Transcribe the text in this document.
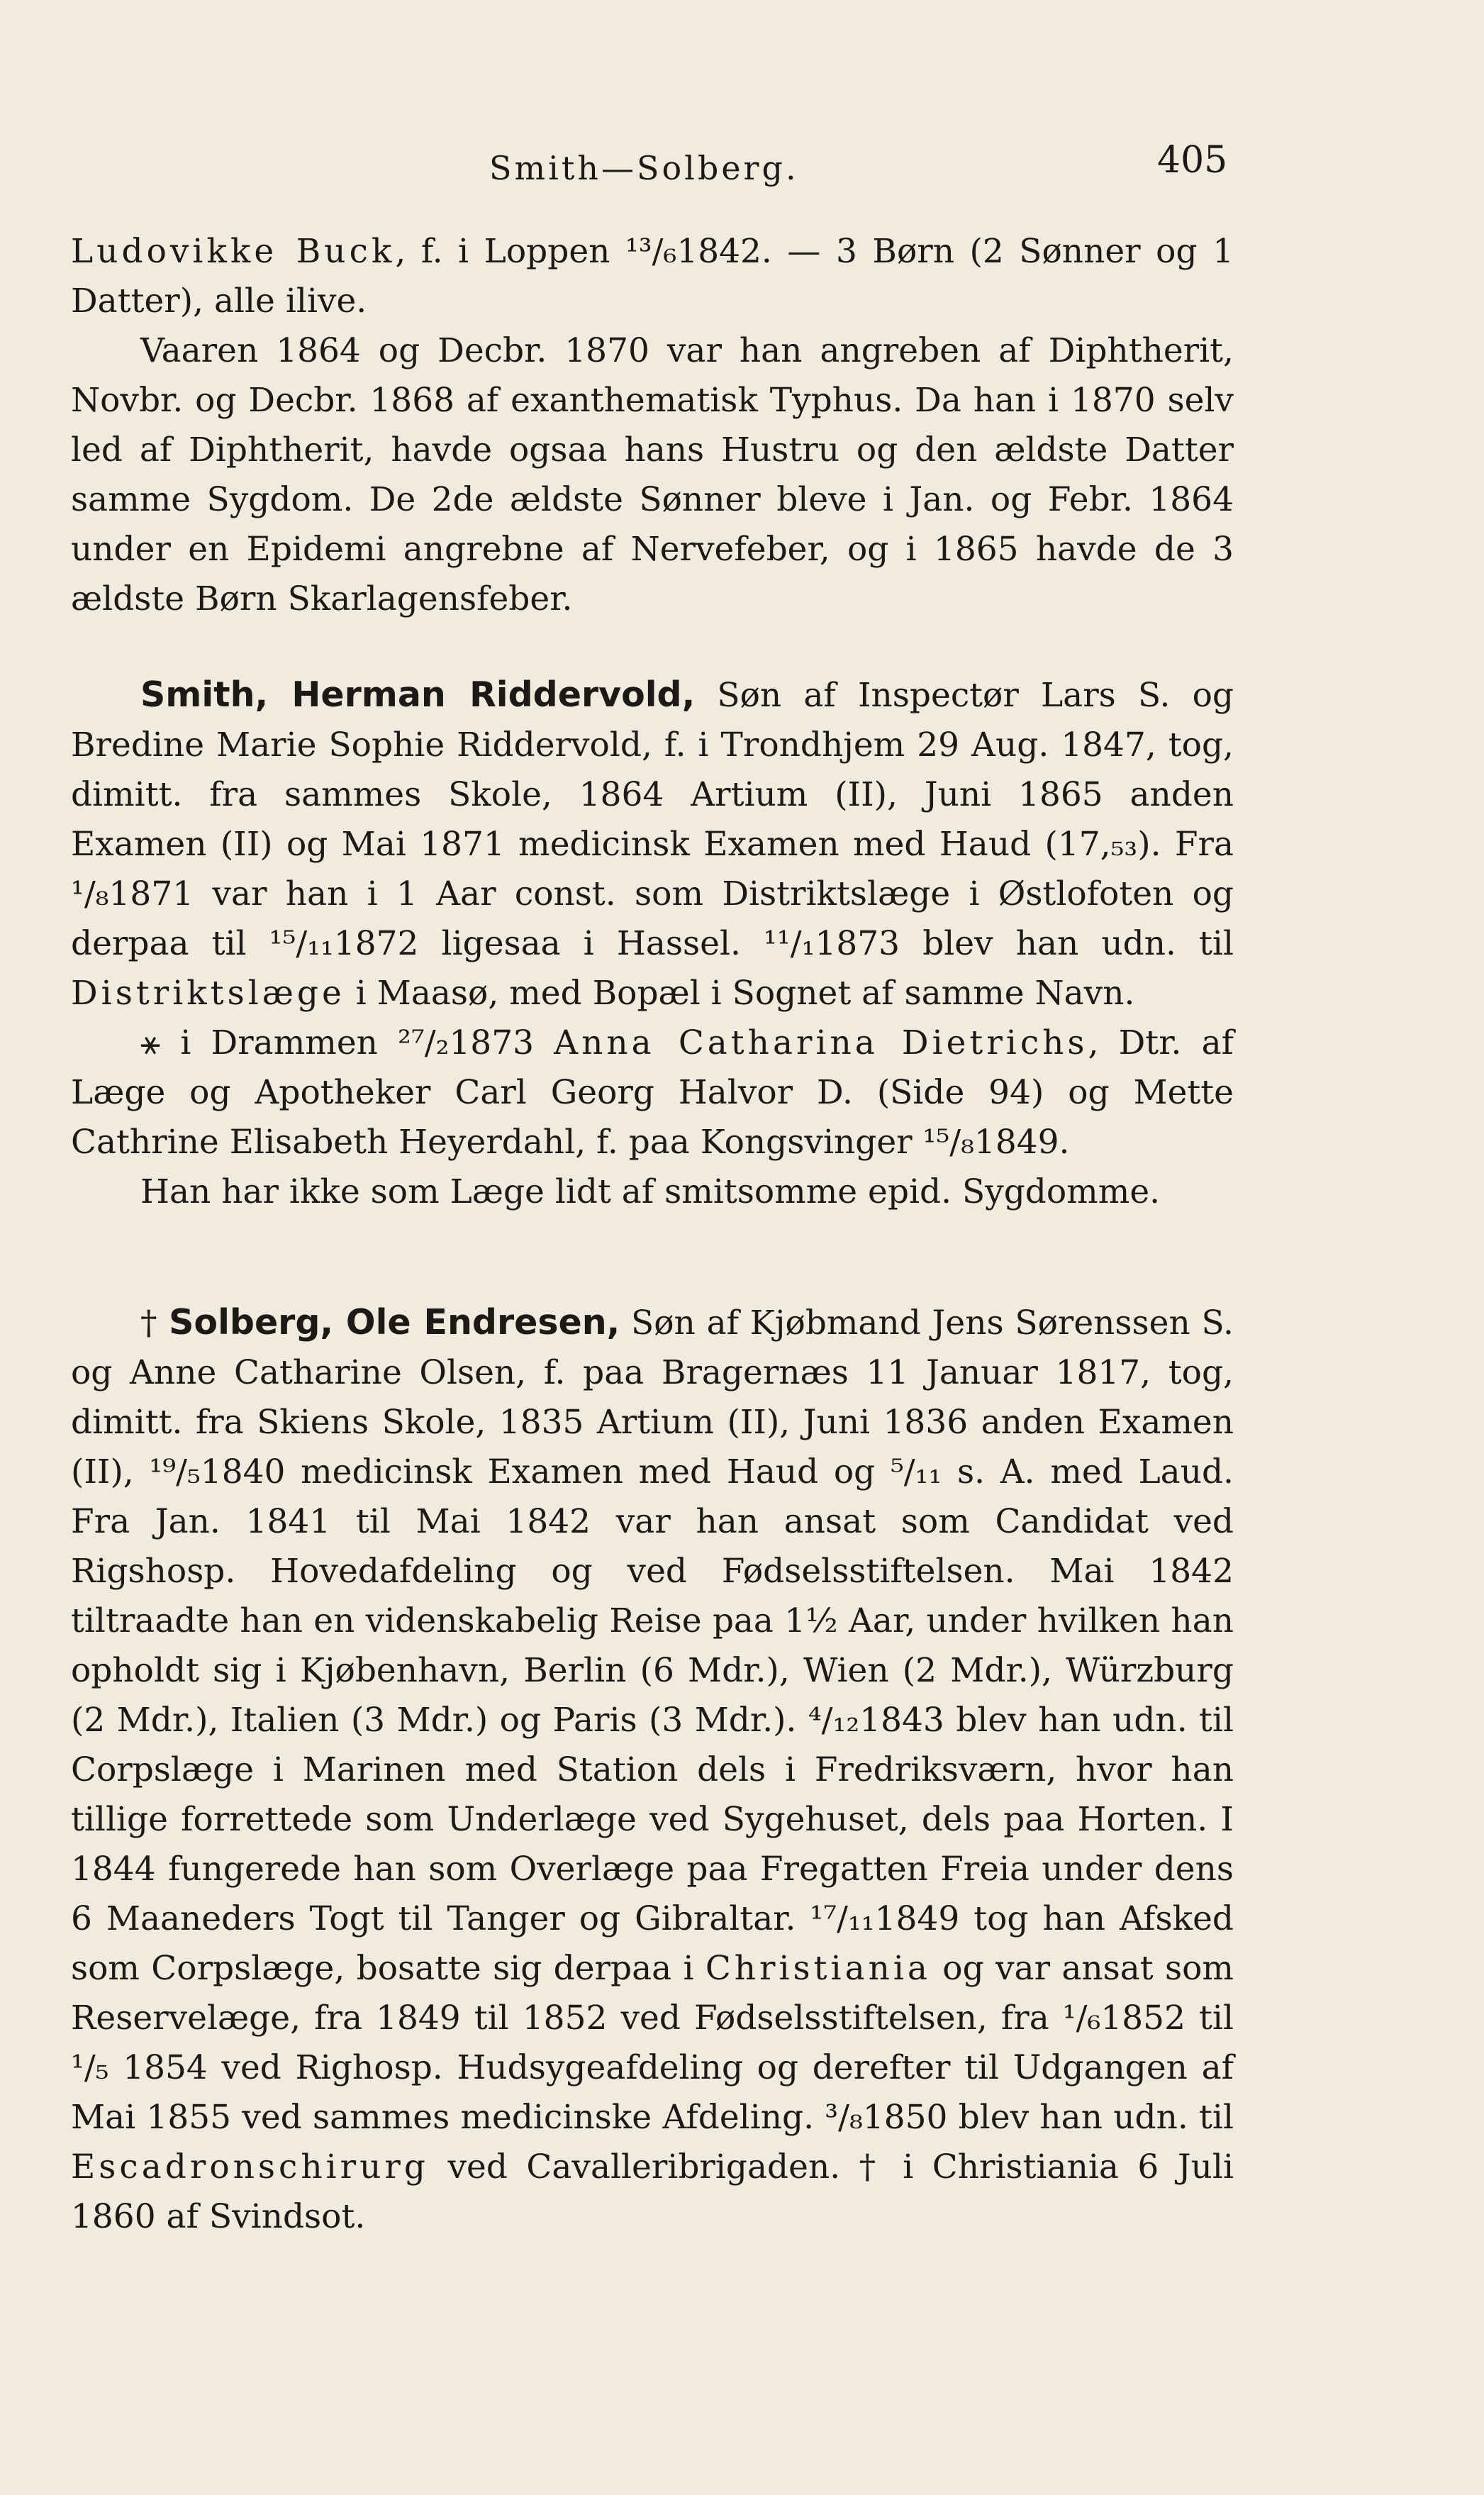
Smith—Solberg.	405

Ludovikke Buck, f. i Loppen ¹³/₆1842. — 3 Børn (2 Sønner og 1 Datter), alle ilive.

Vaaren 1864 og Decbr. 1870 var han angreben af Diphtherit, Novbr. og Decbr. 1868 af exanthematisk Typhus. Da han i 1870 selv led af Diphtherit, havde ogsaa hans Hustru og den ældste Datter samme Sygdom. De 2de ældste Sønner bleve i Jan. og Febr. 1864 under en Epidemi angrebne af Nervefeber, og i 1865 havde de 3 ældste Børn Skarlagensfeber.

Smith, Herman Riddervold, Søn af Inspectør Lars S. og Bredine Marie Sophie Riddervold, f. i Trondhjem 29 Aug. 1847, tog, dimitt. fra sammes Skole, 1864 Artium (II), Juni 1865 anden Examen (II) og Mai 1871 medicinsk Examen med Haud (17,₅₃). Fra ¹/₈1871 var han i 1 Aar const. som Distriktslæge i Østlofoten og derpaa til ¹⁵/₁₁1872 ligesaa i Hassel. ¹¹/₁1873 blev han udn. til Distriktslæge i Maasø, med Bopæl i Sognet af samme Navn.

⚹ i Drammen ²⁷/₂1873 Anna Catharina Dietrichs, Dtr. af Læge og Apotheker Carl Georg Halvor D. (Side 94) og Mette Cathrine Elisabeth Heyerdahl, f. paa Kongsvinger ¹⁵/₈1849.

Han har ikke som Læge lidt af smitsomme epid. Sygdomme.

† Solberg, Ole Endresen, Søn af Kjøbmand Jens Sørenssen S. og Anne Catharine Olsen, f. paa Bragernæs 11 Januar 1817, tog, dimitt. fra Skiens Skole, 1835 Artium (II), Juni 1836 anden Examen (II), ¹⁹/₅1840 medicinsk Examen med Haud og ⁵/₁₁ s. A. med Laud. Fra Jan. 1841 til Mai 1842 var han ansat som Candidat ved Rigshosp. Hovedafdeling og ved Fødselsstiftelsen. Mai 1842 tiltraadte han en videnskabelig Reise paa 1½ Aar, under hvilken han opholdt sig i Kjøbenhavn, Berlin (6 Mdr.), Wien (2 Mdr.), Würzburg (2 Mdr.), Italien (3 Mdr.) og Paris (3 Mdr.). ⁴/₁₂1843 blev han udn. til Corpslæge i Marinen med Station dels i Fredriksværn, hvor han tillige forrettede som Underlæge ved Sygehuset, dels paa Horten. I 1844 fungerede han som Overlæge paa Fregatten Freia under dens 6 Maaneders Togt til Tanger og Gibraltar. ¹⁷/₁₁1849 tog han Afsked som Corpslæge, bosatte sig derpaa i Christiania og var ansat som Reservelæge, fra 1849 til 1852 ved Fødselsstiftelsen, fra ¹/₆1852 til ¹/₅ 1854 ved Righosp. Hudsygeafdeling og derefter til Udgangen af Mai 1855 ved sammes medicinske Afdeling. ³/₈1850 blev han udn. til Escadronschirurg ved Cavalleribrigaden. † i Christiania 6 Juli 1860 af Svindsot.
